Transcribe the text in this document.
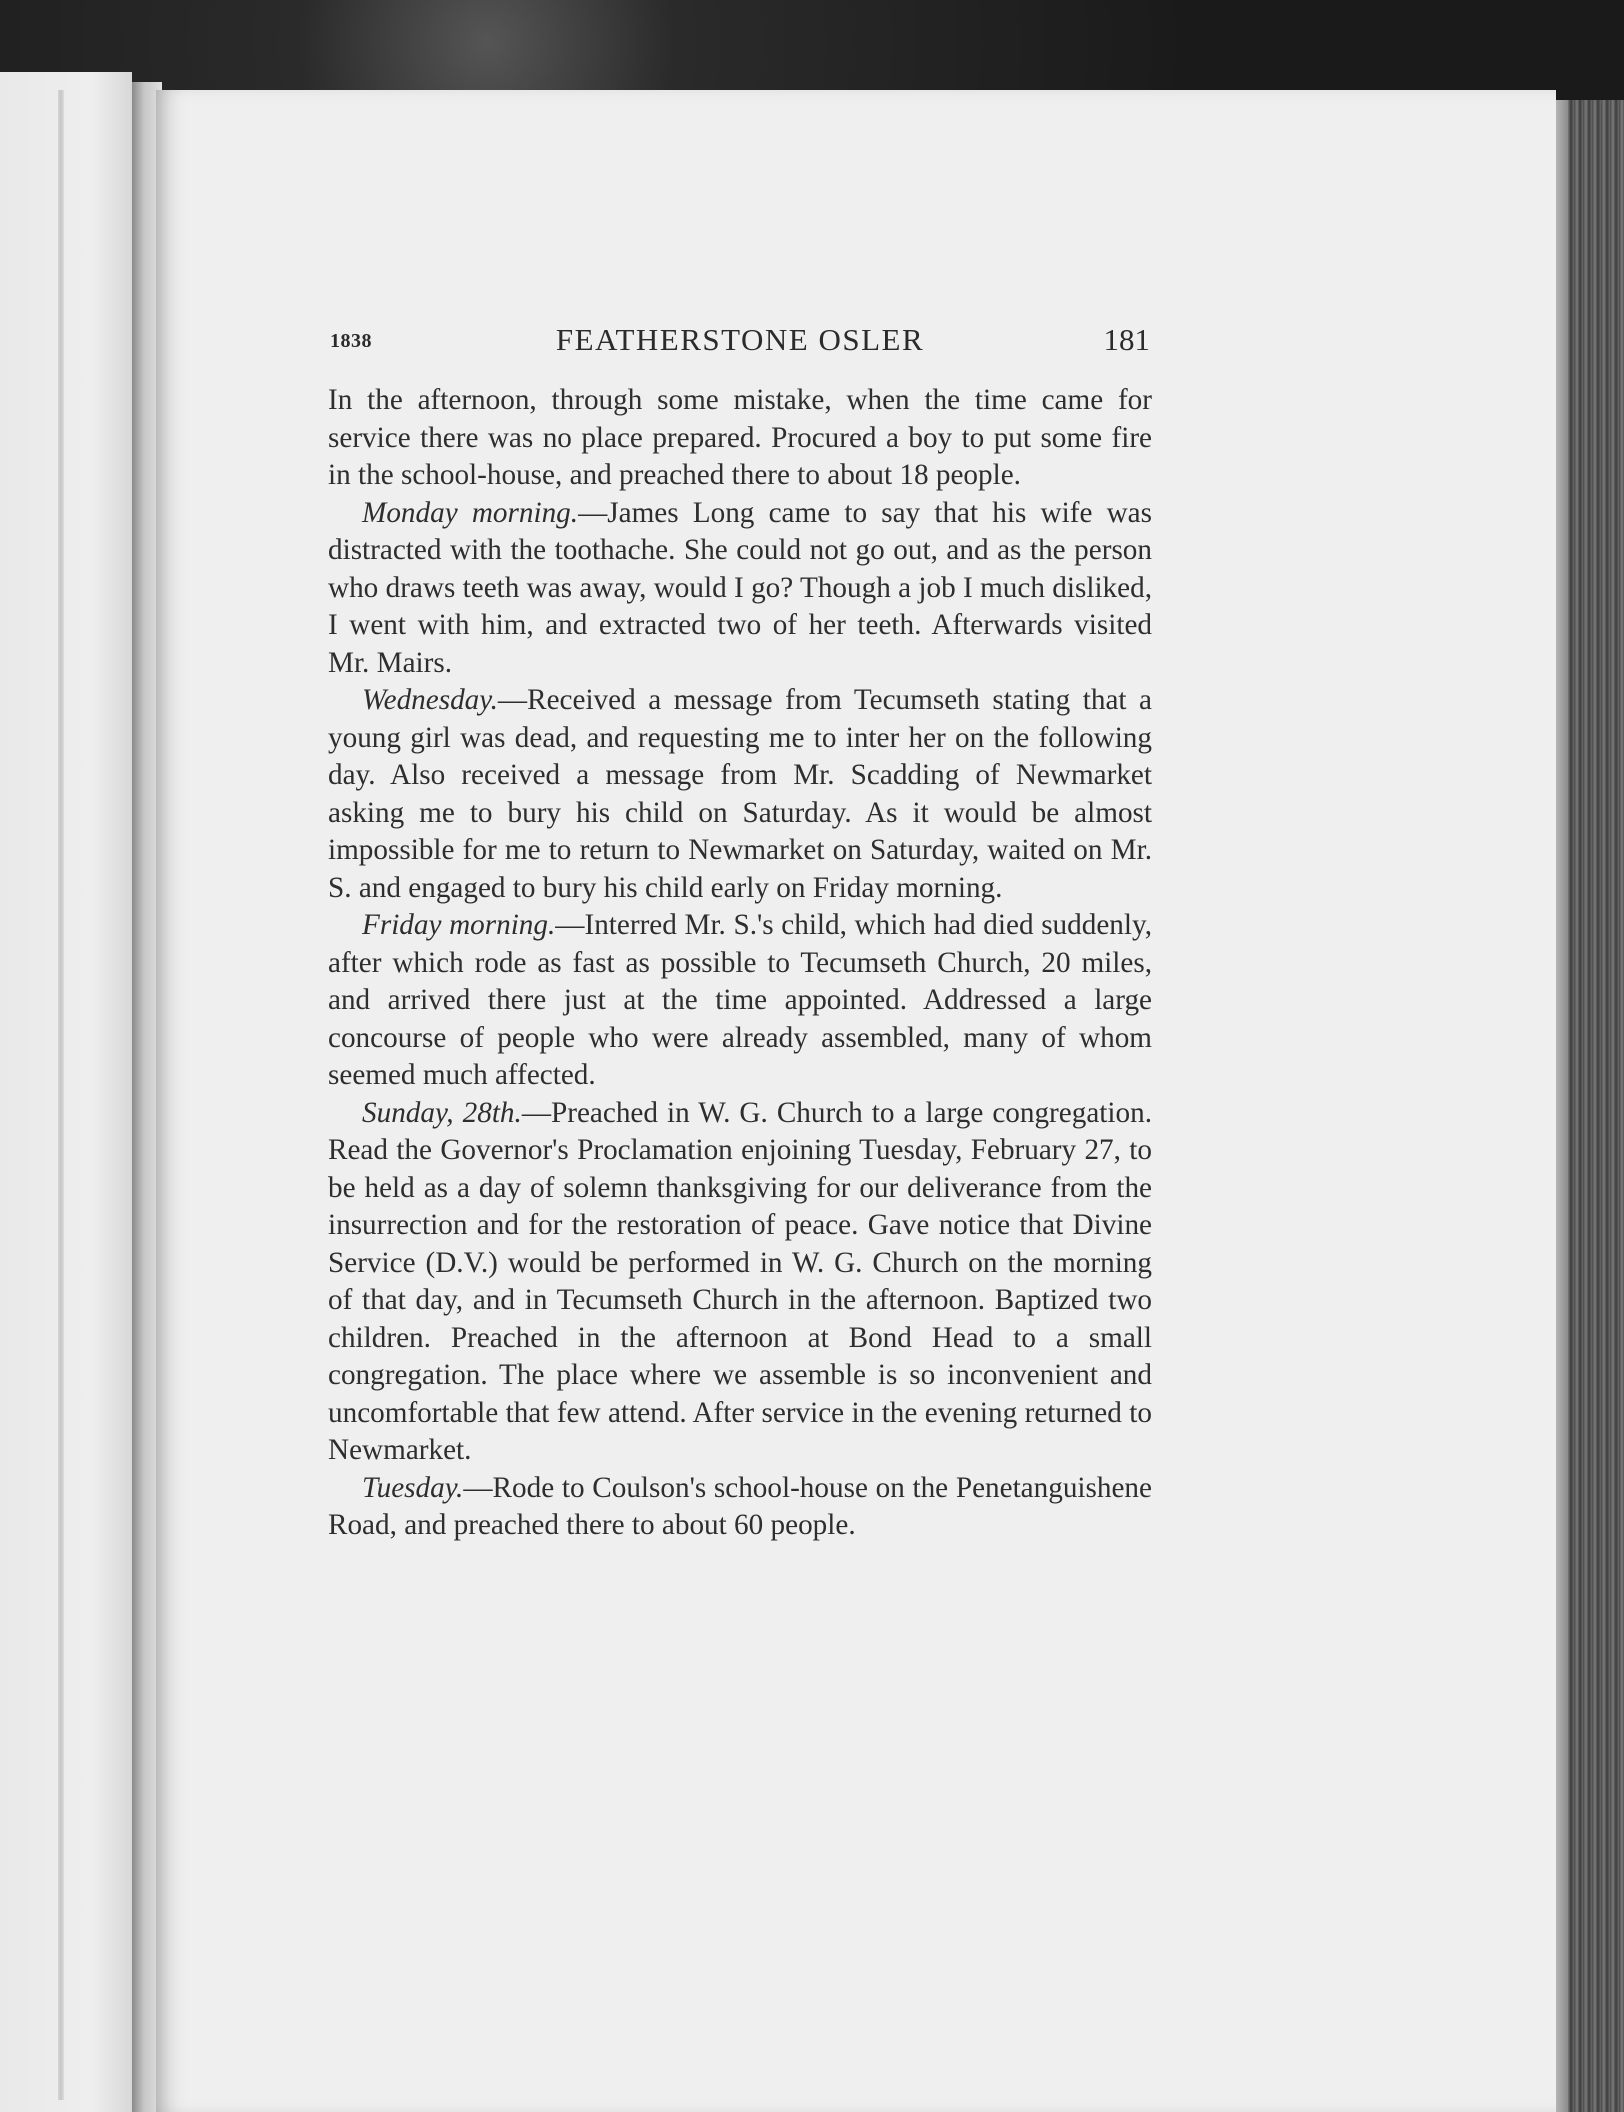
1838	FEATHERSTONE OSLER	181

In the afternoon, through some mistake, when the time came for service there was no place prepared. Procured a boy to put some fire in the school-house, and preached there to about 18 people.

Monday morning.—James Long came to say that his wife was distracted with the toothache. She could not go out, and as the person who draws teeth was away, would I go? Though a job I much disliked, I went with him, and extracted two of her teeth. Afterwards visited Mr. Mairs.

Wednesday.—Received a message from Tecumseth stating that a young girl was dead, and requesting me to inter her on the following day. Also received a message from Mr. Scadding of Newmarket asking me to bury his child on Saturday. As it would be almost impossible for me to return to Newmarket on Saturday, waited on Mr. S. and engaged to bury his child early on Friday morning.

Friday morning.—Interred Mr. S.'s child, which had died suddenly, after which rode as fast as possible to Tecumseth Church, 20 miles, and arrived there just at the time appointed. Addressed a large concourse of people who were already assembled, many of whom seemed much affected.

Sunday, 28th.—Preached in W. G. Church to a large congregation. Read the Governor's Proclamation enjoining Tuesday, February 27, to be held as a day of solemn thanksgiving for our deliverance from the insurrection and for the restoration of peace. Gave notice that Divine Service (D.V.) would be performed in W. G. Church on the morning of that day, and in Tecumseth Church in the afternoon. Baptized two children. Preached in the afternoon at Bond Head to a small congregation. The place where we assemble is so inconvenient and uncomfortable that few attend. After service in the evening returned to Newmarket.

Tuesday.—Rode to Coulson's school-house on the Penetanguishene Road, and preached there to about 60 people.
